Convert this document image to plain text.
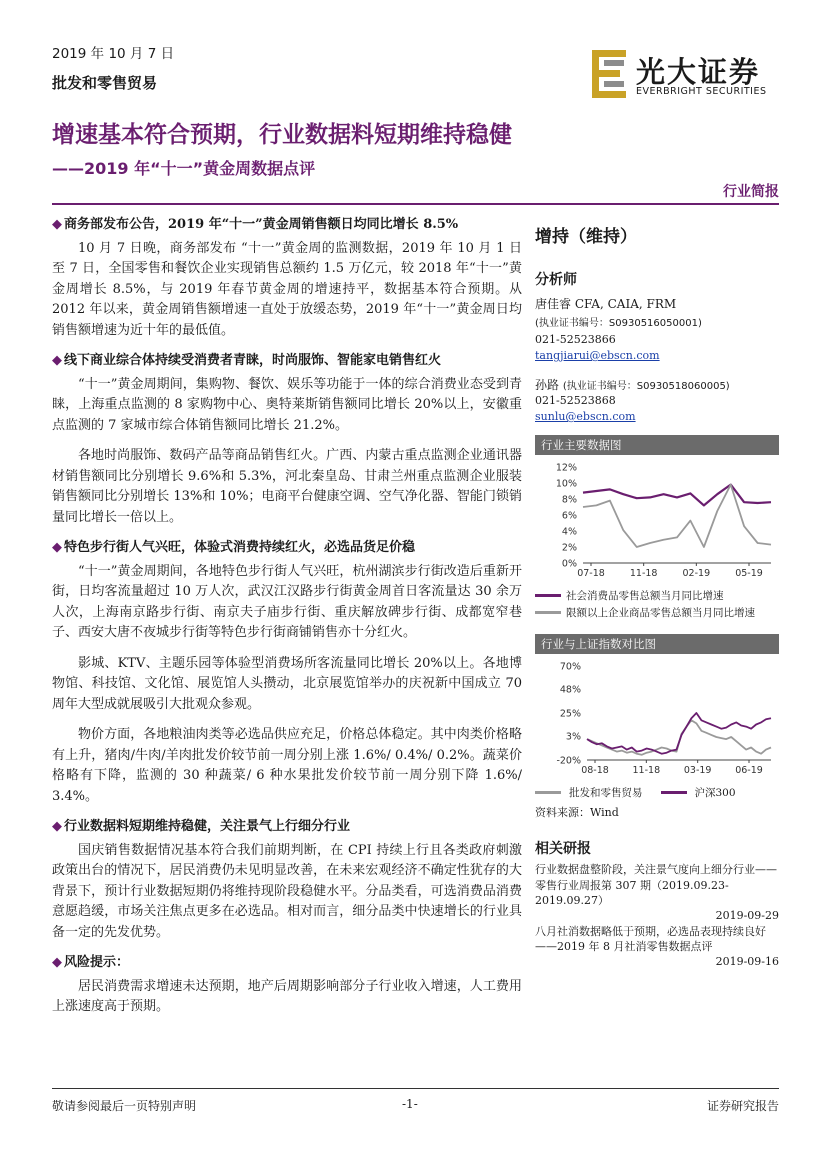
2019 年 10 月 7 日
批发和零售贸易	光大证券
EVERBRIGHT SECURITIES
增速基本符合预期，行业数据料短期维持稳健
——2019 年“十一”黄金周数据点评
行业简报
◆ 商务部发布公告，2019 年“十一”黄金周销售额日均同比增长 8.5%

10 月 7 日晚，商务部发布 “十一”黄金周的监测数据，2019 年 10 月 1 日至 7 日，全国零售和餐饮企业实现销售总额约 1.5 万亿元，较 2018 年“十一”黄金周增长 8.5%，与 2019 年春节黄金周的增速持平，数据基本符合预期。从 2012 年以来，黄金周销售额增速一直处于放缓态势，2019 年“十一”黄金周日均销售额增速为近十年的最低值。

◆ 线下商业综合体持续受消费者青睐，时尚服饰、智能家电销售红火

“十一”黄金周期间，集购物、餐饮、娱乐等功能于一体的综合消费业态受到青睐，上海重点监测的 8 家购物中心、奥特莱斯销售额同比增长 20%以上，安徽重点监测的 7 家城市综合体销售额同比增长 21.2%。

各地时尚服饰、数码产品等商品销售红火。广西、内蒙古重点监测企业通讯器材销售额同比分别增长 9.6%和 5.3%，河北秦皇岛、甘肃兰州重点监测企业服装销售额同比分别增长 13%和 10%；电商平台健康空调、空气净化器、智能门锁销量同比增长一倍以上。

◆ 特色步行街人气兴旺，体验式消费持续红火，必选品货足价稳

“十一”黄金周期间，各地特色步行街人气兴旺，杭州湖滨步行街改造后重新开街，日均客流量超过 10 万人次，武汉江汉路步行街黄金周首日客流量达 30 余万人次，上海南京路步行街、南京夫子庙步行街、重庆解放碑步行街、成都宽窄巷子、西安大唐不夜城步行街等特色步行街商铺销售亦十分红火。

影城、KTV、主题乐园等体验型消费场所客流量同比增长 20%以上。各地博物馆、科技馆、文化馆、展览馆人头攒动，北京展览馆举办的庆祝新中国成立 70 周年大型成就展吸引大批观众参观。

物价方面，各地粮油肉类等必选品供应充足，价格总体稳定。其中肉类价格略有上升，猪肉/牛肉/羊肉批发价较节前一周分别上涨 1.6%/ 0.4%/ 0.2%。蔬菜价格略有下降，监测的 30 种蔬菜/ 6 种水果批发价较节前一周分别下降 1.6%/ 3.4%。

◆ 行业数据料短期维持稳健，关注景气上行细分行业

国庆销售数据情况基本符合我们前期判断，在 CPI 持续上行且各类政府刺激政策出台的情况下，居民消费仍未见明显改善，在未来宏观经济不确定性犹存的大背景下，预计行业数据短期仍将维持现阶段稳健水平。分品类看，可选消费品消费意愿趋缓，市场关注焦点更多在必选品。相对而言，细分品类中快速增长的行业具备一定的先发优势。

◆ 风险提示：

居民消费需求增速未达预期，地产后周期影响部分子行业收入增速，人工费用上涨速度高于预期。

增持（维持）
分析师
唐佳睿 CFA, CAIA, FRM
(执业证书编号：S0930516050001)
021-52523866
tangjiarui@ebscn.com
孙路 (执业证书编号：S0930518060005)
021-52523868
sunlu@ebscn.com
行业主要数据图
0%
2%
4%
6%
8%
10%
12%
07-18	11-18	02-19	05-19
社会消费品零售总额当月同比增速
限额以上企业商品零售总额当月同比增速
行业与上证指数对比图
-20%
3%
25%
48%
70%
08-18 11-18 03-19 06-19
批发和零售贸易	沪深300
资料来源：Wind
相关研报
行业数据盘整阶段，关注景气度向上细分行业——零售行业周报第 307 期（2019.09.23-2019.09.27）
2019-09-29
八月社消数据略低于预期，必选品表现持续良好——2019 年 8 月社消零售数据点评
2019-09-16
敬请参阅最后一页特别声明	-1-	证券研究报告
